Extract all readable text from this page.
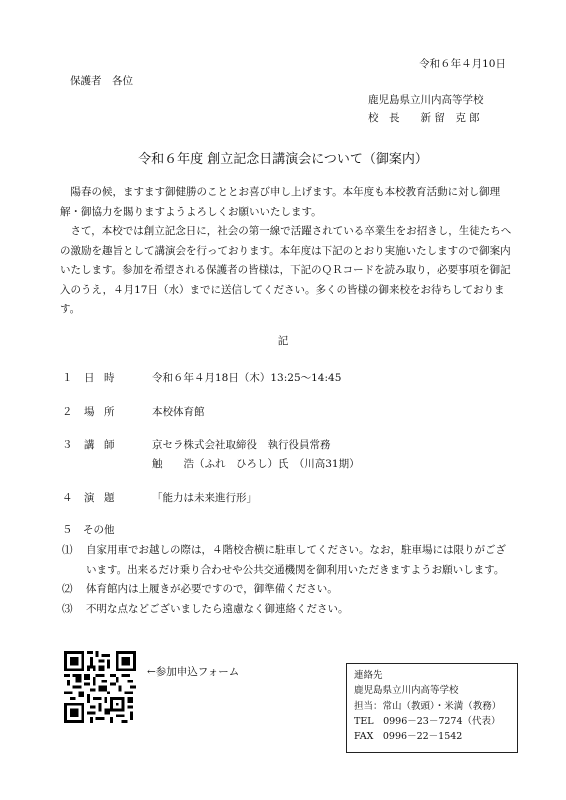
令和６年４月10日
保護者　各位
鹿児島県立川内高等学校
校　長　　新 留　克 郎
令和６年度 創立記念日講演会について（御案内）

陽春の候，ますます御健勝のこととお喜び申し上げます。本年度も本校教育活動に対し御理解・御協力を賜りますようよろしくお願いいたします。

さて，本校では創立記念日に，社会の第一線で活躍されている卒業生をお招きし，生徒たちへの激励を趣旨として講演会を行っております。本年度は下記のとおり実施いたしますので御案内いたします。参加を希望される保護者の皆様は，下記のＱＲコードを読み取り，必要事項を御記入のうえ，４月17日（水）までに送信してください。多くの皆様の御来校をお待ちしております。

記
１ 日時	令和６年４月18日（木）13:25～14:45
２ 場所	本校体育館
３ 講師	京セラ株式会社取締役　執行役員常務
触　　浩（ふれ　ひろし）氏　（川高31期）
４ 演題	「能力は未来進行形」
５　その他
⑴	自家用車でお越しの際は，４階校舎横に駐車してください。なお，駐車場には限りがございます。出来るだけ乗り合わせや公共交通機関を御利用いただきますようお願いします。
⑵	体育館内は上履きが必要ですので，御準備ください。
⑶	不明な点などございましたら遠慮なく御連絡ください。
←参加申込フォーム	連絡先
鹿児島県立川内高等学校
担当：常山（教頭）・米満（教務）
TEL　0996－23－7274（代表）
FAX　0996－22－1542
